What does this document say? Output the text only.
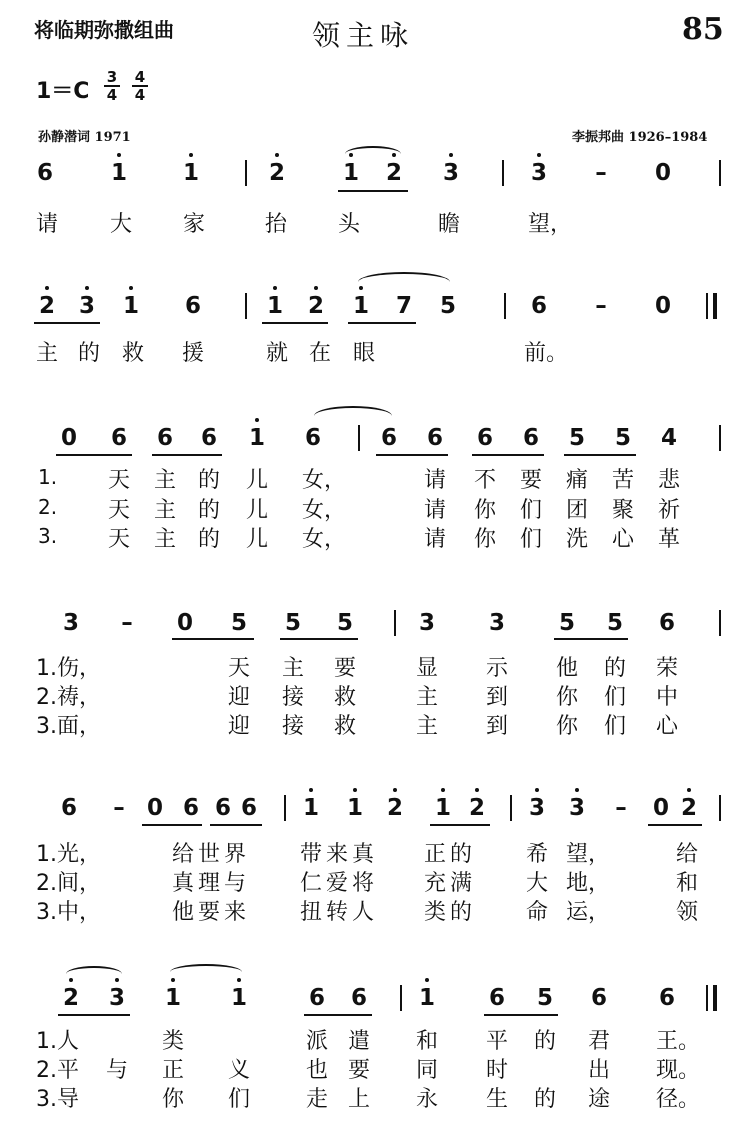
将临期弥撒组曲	领主咏	85
1＝C
3
4
4
4
孙静潜词 1971	李振邦曲 1926–1984
6	1 1	2	1 2 3	3 – 0
请 大 家	抬 头	瞻	望，
2 3 1 6	1 2 1 7 5	6 – 0
主 的 救 援	就 在 眼	前。
0 6 6 6 1 6	6 6 6 6 5 5 4
1. 天 主 的 儿 女，	请 不 要 痛 苦 悲
2. 天 主 的 儿 女，	请 你 们 团 聚 祈
3. 天 主 的 儿 女，	请 你 们 洗 心 革
3 – 0 5 5 5	3 3 5 5 6
1.伤，	天 主 要	显 示 他 的 荣
2.祷，	迎 接 救	主 到 你 们 中
3.面，	迎 接 救	主 到 你 们 心
6 – 0 6 6 6 1 1 2 1 2 3 3 – 0 2
1.光，	给世界 带来真 正的 希 望，	给
2.间，	真理与 仁爱将 充满 大 地，	和
3.中，	他要来 扭转人 类的 命 运，	领
2 3 1 1	6 6 1 6 5 6 6
1.人	类	派 遣 和 平 的 君 王。
2.平 与 正 义	也 要 同 时	出 现。
3.导	你 们	走 上 永 生 的 途 径。
